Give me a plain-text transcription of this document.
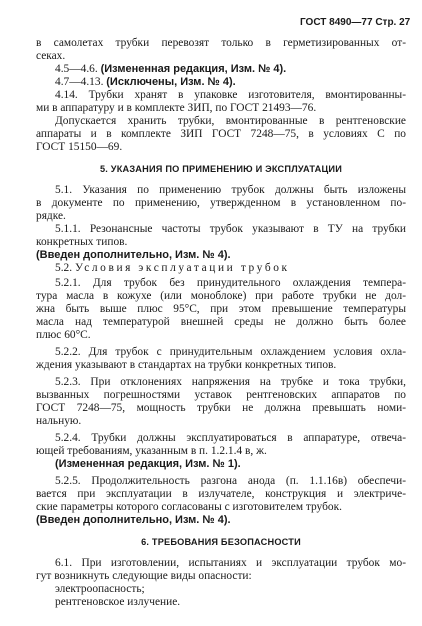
ГОСТ 8490—77 Стр. 27
в самолетах трубки перевозят только в герметизированных от-
секах.
4.5—4.6. (Измененная редакция, Изм. № 4).
4.7—4.13. (Исключены, Изм. № 4).
4.14. Трубки хранят в упаковке изготовителя, вмонтированны-
ми в аппаратуру и в комплекте ЗИП, по ГОСТ 21493—76.
Допускается хранить трубки, вмонтированные в рентгеновские
аппараты и в комплекте ЗИП ГОСТ 7248—75, в условиях С по
ГОСТ 15150—69.
5. УКАЗАНИЯ ПО ПРИМЕНЕНИЮ И ЭКСПЛУАТАЦИИ
5.1. Указания по применению трубок должны быть изложены
в документе по применению, утвержденном в установленном по-
рядке.
5.1.1. Резонансные частоты трубок указывают в ТУ на трубки
конкретных типов.
(Введен дополнительно, Изм. № 4).
5.2. Условия эксплуатации трубок
5.2.1. Для трубок без принудительного охлаждения темпера-
тура масла в кожухе (или моноблоке) при работе трубки не дол-
жна быть выше плюс 95°С, при этом превышение температуры
масла над температурой внешней среды не должно быть более
плюс 60°С.
5.2.2. Для трубок с принудительным охлаждением условия охла-
ждения указывают в стандартах на трубки конкретных типов.
5.2.3. При отклонениях напряжения на трубке и тока трубки,
вызванных погрешностями уставок рентгеновских аппаратов по
ГОСТ 7248—75, мощность трубки не должна превышать номи-
нальную.
5.2.4. Трубки должны эксплуатироваться в аппаратуре, отвеча-
ющей требованиям, указанным в п. 1.2.1.4 в, ж.
(Измененная редакция, Изм. № 1).
5.2.5. Продолжительность разгона анода (п. 1.1.16в) обеспечи-
вается при эксплуатации в излучателе, конструкция и электриче-
ские параметры которого согласованы с изготовителем трубок.
(Введен дополнительно, Изм. № 4).
6. ТРЕБОВАНИЯ БЕЗОПАСНОСТИ
6.1. При изготовлении, испытаниях и эксплуатации трубок мо-
гут возникнуть следующие виды опасности:
электроопасность;
рентгеновское излучение.
